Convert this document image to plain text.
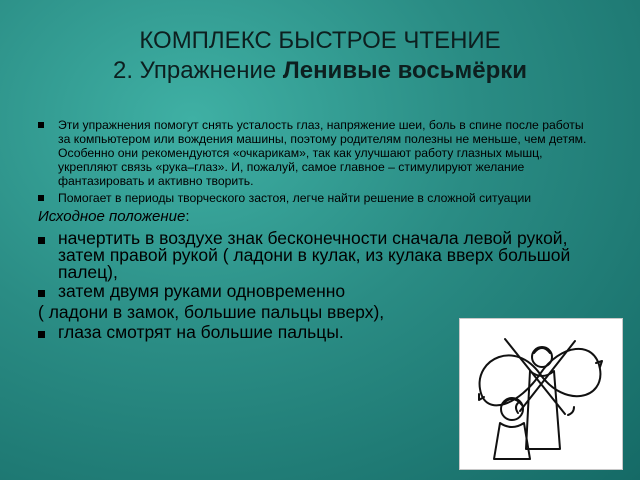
КОМПЛЕКС БЫСТРОЕ ЧТЕНИЕ
2. Упражнение Ленивые восьмёрки
Эти упражнения помогут снять усталость глаз, напряжение шеи, боль в спине после работы за компьютером или вождения машины, поэтому родителям полезны не меньше, чем детям. Особенно они рекомендуются «очкарикам», так как улучшают работу глазных мышц, укрепляют связь «рука–глаз». И, пожалуй, самое главное – стимулируют желание фантазировать и активно творить.
Помогает в периоды творческого застоя, легче найти решение в сложной ситуации
Исходное положение:
начертить в воздухе знак бесконечности сначала левой рукой, затем правой рукой ( ладони в кулак, из кулака вверх большой палец),
затем двумя руками одновременно
( ладони в замок, большие пальцы вверх),
глаза смотрят на большие пальцы.
